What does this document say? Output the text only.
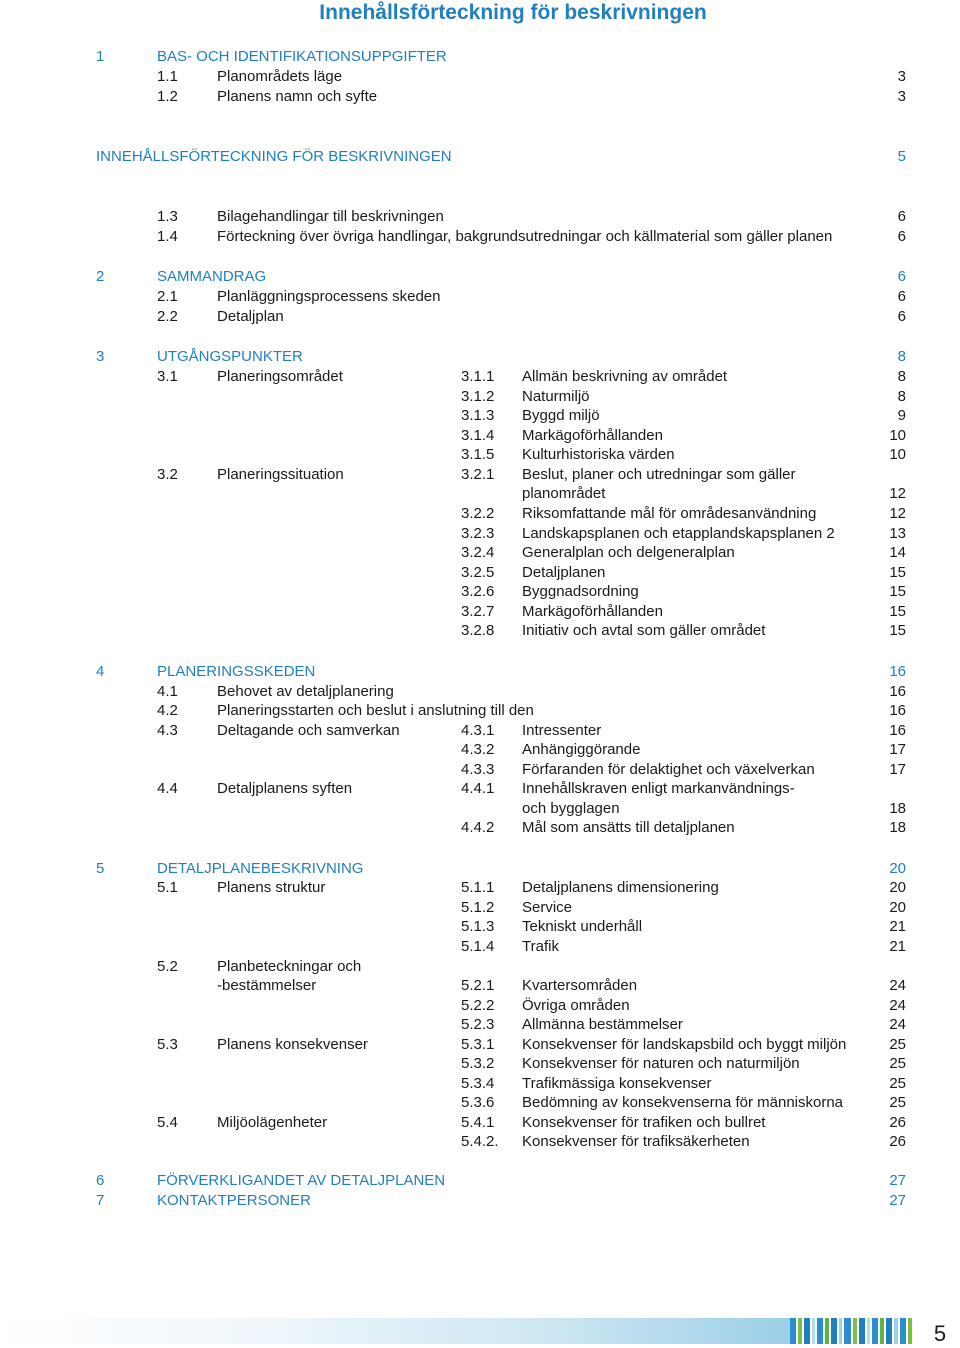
Innehållsförteckning för beskrivningen
1	BAS- OCH IDENTIFIKATIONSUPPGIFTER
1.1	Planområdets läge	3
1.2	Planens namn och syfte	3
INNEHÅLLSFÖRTECKNING FÖR BESKRIVNINGEN	5
1.3	Bilagehandlingar till beskrivningen	6
1.4	Förteckning över övriga handlingar, bakgrundsutredningar och källmaterial som gäller planen	6
2	SAMMANDRAG	6
2.1	Planläggningsprocessens skeden	6
2.2	Detaljplan	6
3	UTGÅNGSPUNKTER	8
3.1	Planeringsområdet	3.1.1 Allmän beskrivning av området	8
3.1.2 Naturmiljö	8
3.1.3 Byggd miljö	9
3.1.4 Markägoförhållanden	10
3.1.5 Kulturhistoriska värden	10
3.2	Planeringssituation	3.2.1 Beslut, planer och utredningar som gäller
planområdet	12
3.2.2 Riksomfattande mål för områdesanvändning	12
3.2.3 Landskapsplanen och etapplandskapsplanen 2	13
3.2.4 Generalplan och delgeneralplan	14
3.2.5 Detaljplanen	15
3.2.6 Byggnadsordning	15
3.2.7 Markägoförhållanden	15
3.2.8 Initiativ och avtal som gäller området	15
4	PLANERINGSSKEDEN	16
4.1	Behovet av detaljplanering	16
4.2	Planeringsstarten och beslut i anslutning till den	16
4.3	Deltagande och samverkan	4.3.1 Intressenter	16
4.3.2 Anhängiggörande	17
4.3.3 Förfaranden för delaktighet och växelverkan	17
4.4	Detaljplanens syften	4.4.1 Innehållskraven enligt markanvändnings-
och bygglagen	18
4.4.2 Mål som ansätts till detaljplanen	18
5	DETALJPLANEBESKRIVNING	20
5.1	Planens struktur	5.1.1 Detaljplanens dimensionering	20
5.1.2 Service	20
5.1.3 Tekniskt underhåll	21
5.1.4 Trafik	21
5.2	Planbeteckningar och
-bestämmelser	5.2.1 Kvartersområden	24
5.2.2 Övriga områden	24
5.2.3 Allmänna bestämmelser	24
5.3	Planens konsekvenser	5.3.1 Konsekvenser för landskapsbild och byggt miljön	25
5.3.2 Konsekvenser för naturen och naturmiljön	25
5.3.4 Trafikmässiga konsekvenser	25
5.3.6 Bedömning av konsekvenserna för människorna	25
5.4	Miljöolägenheter	5.4.1 Konsekvenser för trafiken och bullret	26
5.4.2. Konsekvenser för trafiksäkerheten	26
6	FÖRVERKLIGANDET AV DETALJPLANEN	27
7	KONTAKTPERSONER	27
5
